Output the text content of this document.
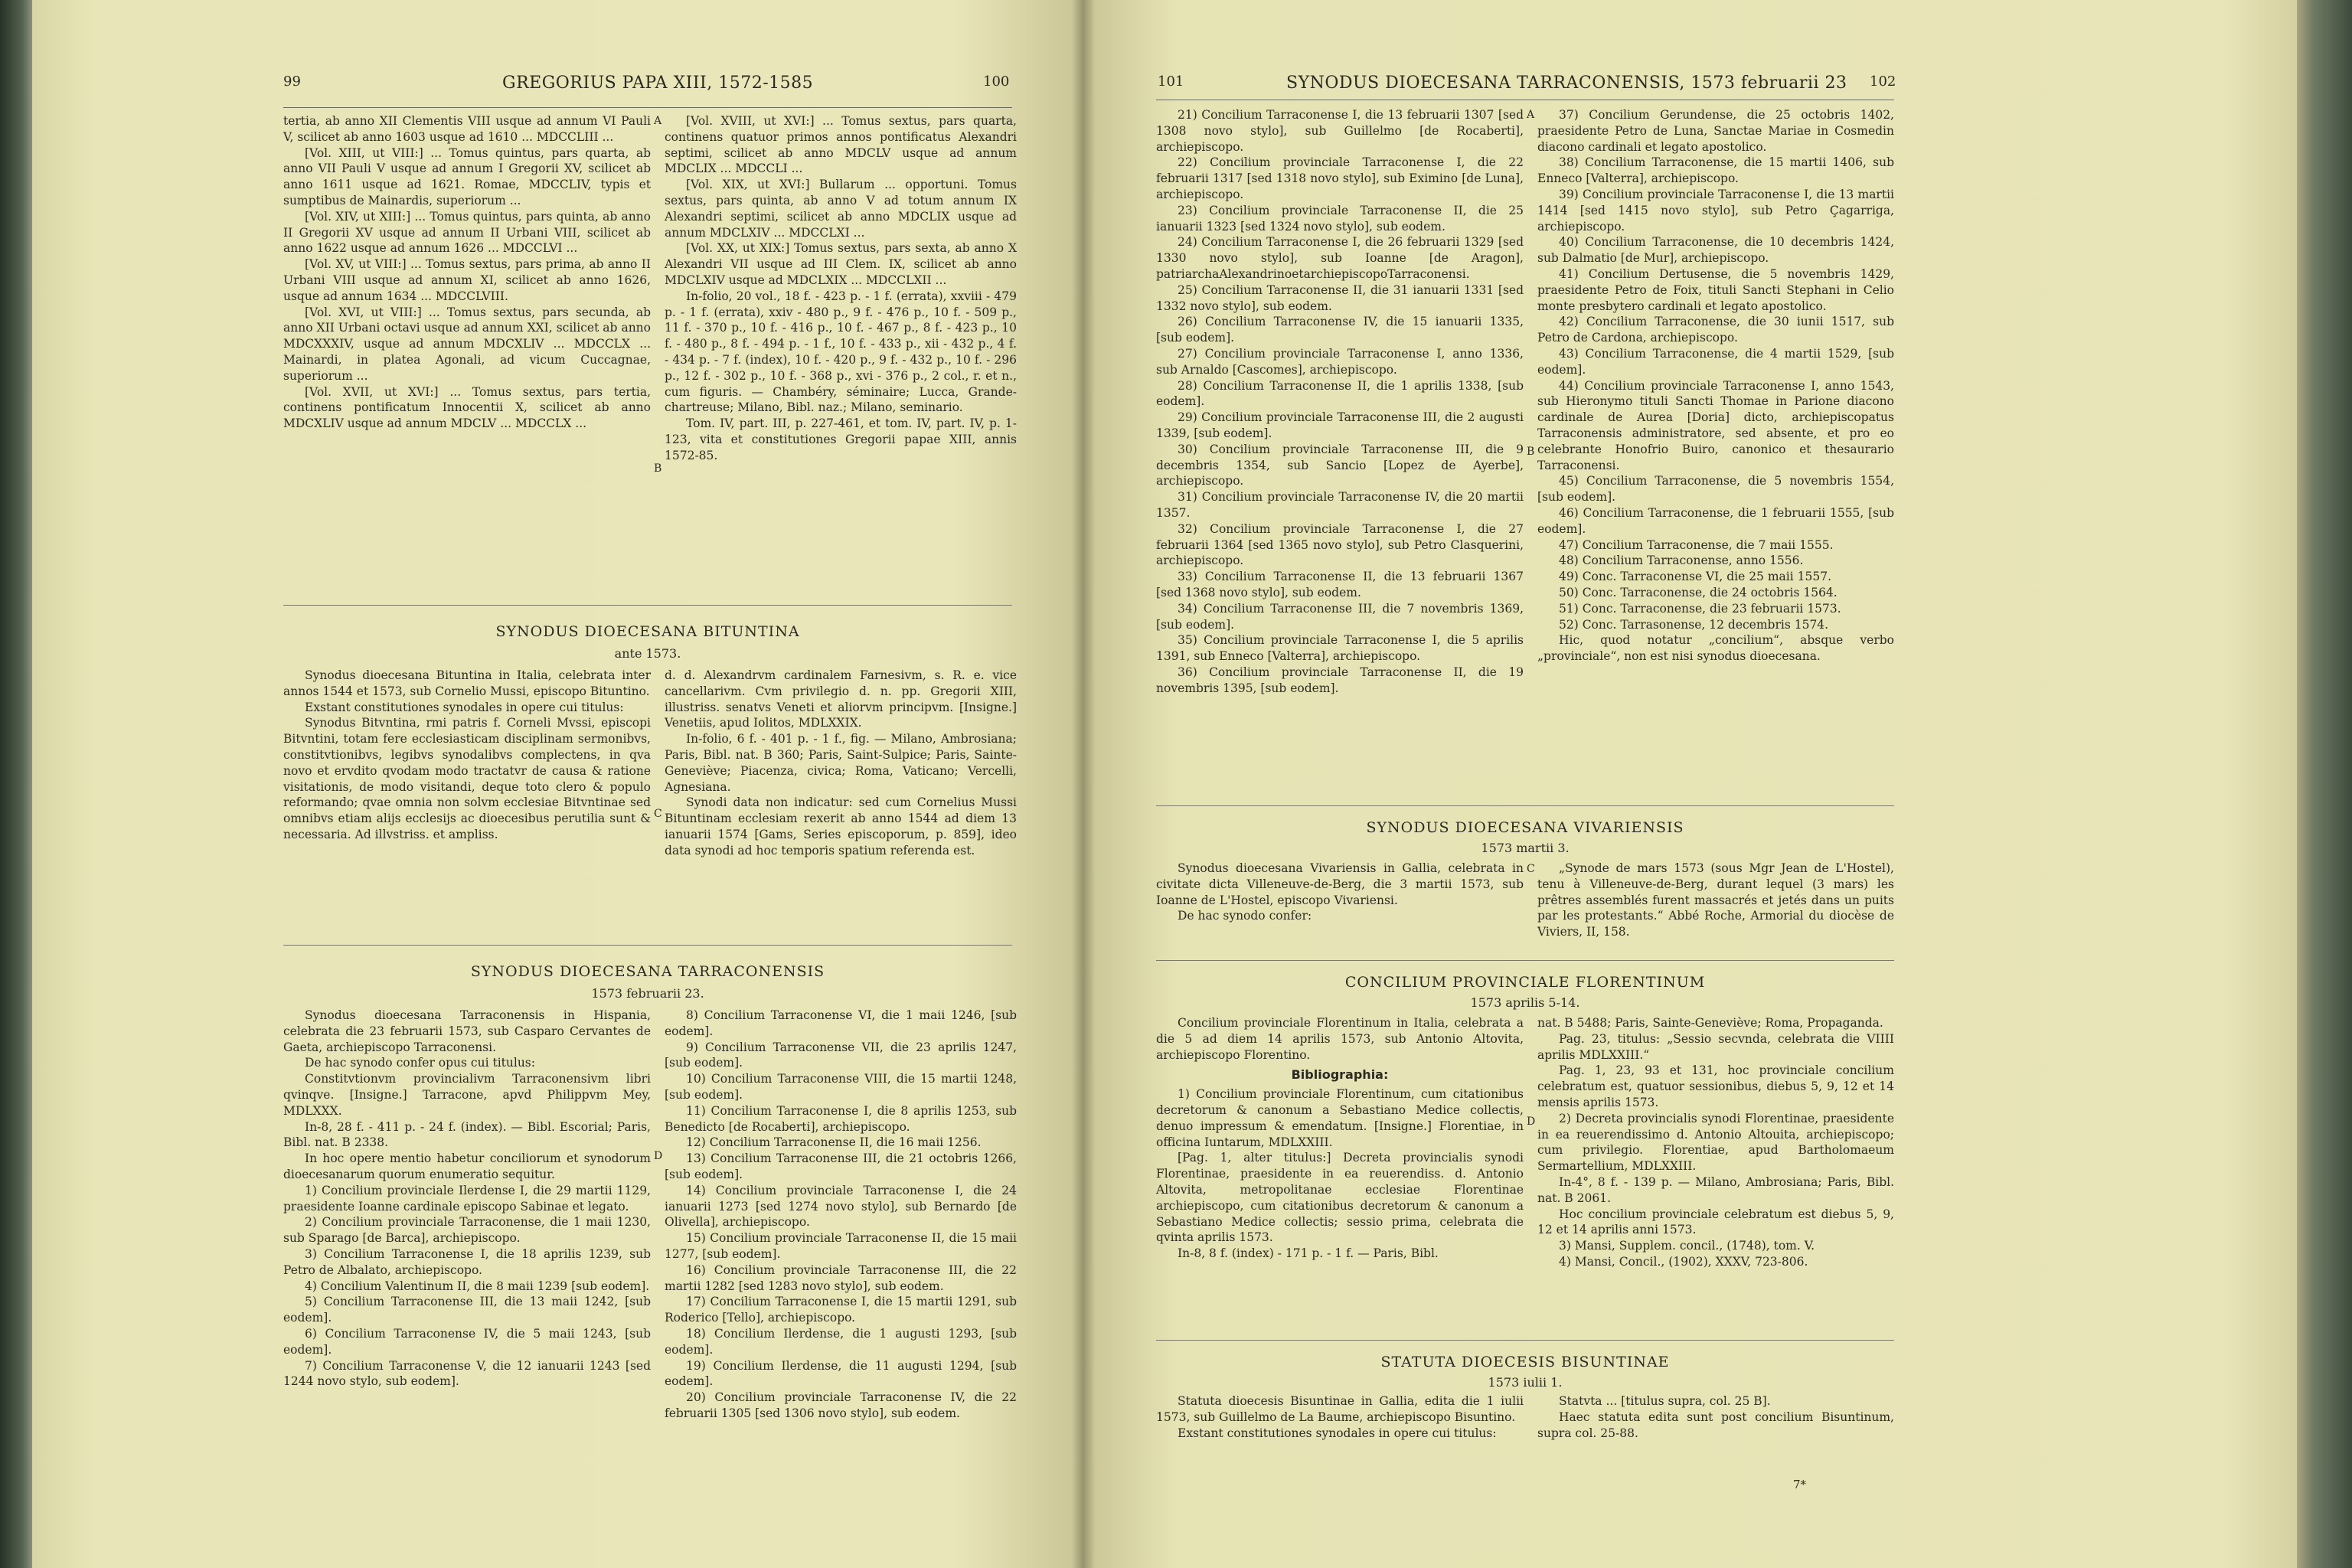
99	GREGORIUS PAPA XIII, 1572-1585	100

tertia, ab anno XII Clementis VIII usque ad annum VI Pauli V, scilicet ab anno 1603 usque ad 1610 ... MDCCLIII ...

[Vol. XIII, ut VIII:] ... Tomus quintus, pars quarta, ab anno VII Pauli V usque ad annum I Gregorii XV, scilicet ab anno 1611 usque ad 1621. Romae, MDCCLIV, typis et sumptibus de Mainardis, superiorum ...

[Vol. XIV, ut XIII:] ... Tomus quintus, pars quinta, ab anno II Gregorii XV usque ad annum II Urbani VIII, scilicet ab anno 1622 usque ad annum 1626 ... MDCCLVI ...

[Vol. XV, ut VIII:] ... Tomus sextus, pars prima, ab anno II Urbani VIII usque ad annum XI, scilicet ab anno 1626, usque ad annum 1634 ... MDCCLVIII.

[Vol. XVI, ut VIII:] ... Tomus sextus, pars secunda, ab anno XII Urbani octavi usque ad annum XXI, scilicet ab anno MDCXXXIV, usque ad annum MDCXLIV ... MDCCLX ... Mainardi, in platea Agonali, ad vicum Cuccagnae, superiorum ...

[Vol. XVII, ut XVI:] ... Tomus sextus, pars tertia, continens pontificatum Innocentii X, scilicet ab anno MDCXLIV usque ad annum MDCLV ... MDCCLX ...

[Vol. XVIII, ut XVI:] ... Tomus sextus, pars quarta, continens quatuor primos annos pontificatus Alexandri septimi, scilicet ab anno MDCLV usque ad annum MDCLIX ... MDCCLI ...

[Vol. XIX, ut XVI:] Bullarum ... opportuni. Tomus sextus, pars quinta, ab anno V ad totum annum IX Alexandri septimi, scilicet ab anno MDCLIX usque ad annum MDCLXIV ... MDCCLXI ...

[Vol. XX, ut XIX:] Tomus sextus, pars sexta, ab anno X Alexandri VII usque ad III Clem. IX, scilicet ab anno MDCLXIV usque ad MDCLXIX ... MDCCLXII ...

In-folio, 20 vol., 18 f. - 423 p. - 1 f. (errata), xxviii - 479 p. - 1 f. (errata), xxiv - 480 p., 9 f. - 476 p., 10 f. - 509 p., 11 f. - 370 p., 10 f. - 416 p., 10 f. - 467 p., 8 f. - 423 p., 10 f. - 480 p., 8 f. - 494 p. - 1 f., 10 f. - 433 p., xii - 432 p., 4 f. - 434 p. - 7 f. (index), 10 f. - 420 p., 9 f. - 432 p., 10 f. - 296 p., 12 f. - 302 p., 10 f. - 368 p., xvi - 376 p., 2 col., r. et n., cum figuris. — Chambéry, séminaire; Lucca, Grande-chartreuse; Milano, Bibl. naz.; Milano, seminario.

Tom. IV, part. III, p. 227-461, et tom. IV, part. IV, p. 1-123, vita et constitutiones Gregorii papae XIII, annis 1572-85.

A
B
C
D
SYNODUS DIOECESANA BITUNTINA
ante 1573.

Synodus dioecesana Bituntina in Italia, celebrata inter annos 1544 et 1573, sub Cornelio Mussi, episcopo Bituntino.

Exstant constitutiones synodales in opere cui titulus:

Synodus Bitvntina, rmi patris f. Corneli Mvssi, episcopi Bitvntini, totam fere ecclesiasticam disciplinam sermonibvs, constitvtionibvs, legibvs synodalibvs complectens, in qva novo et ervdito qvodam modo tractatvr de causa & ratione visitationis, de modo visitandi, deque toto clero & populo reformando; qvae omnia non solvm ecclesiae Bitvntinae sed omnibvs etiam alijs ecclesijs ac dioecesibus perutilia sunt & necessaria. Ad illvstriss. et ampliss.

d. d. Alexandrvm cardinalem Farnesivm, s. R. e. vice cancellarivm. Cvm privilegio d. n. pp. Gregorii XIII, illustriss. senatvs Veneti et aliorvm principvm. [Insigne.] Venetiis, apud Iolitos, MDLXXIX.

In-folio, 6 f. - 401 p. - 1 f., fig. — Milano, Ambrosiana; Paris, Bibl. nat. B 360; Paris, Saint-Sulpice; Paris, Sainte-Geneviève; Piacenza, civica; Roma, Vaticano; Vercelli, Agnesiana.

Synodi data non indicatur: sed cum Cornelius Mussi Bituntinam ecclesiam rexerit ab anno 1544 ad diem 13 ianuarii 1574 [Gams, Series episcoporum, p. 859], ideo data synodi ad hoc temporis spatium referenda est.

SYNODUS DIOECESANA TARRACONENSIS
1573 februarii 23.

Synodus dioecesana Tarraconensis in Hispania, celebrata die 23 februarii 1573, sub Casparo Cervantes de Gaeta, archiepiscopo Tarraconensi.

De hac synodo confer opus cui titulus:

Constitvtionvm provincialivm Tarraconensivm libri qvinqve. [Insigne.] Tarracone, apvd Philippvm Mey, MDLXXX.

In-8, 28 f. - 411 p. - 24 f. (index). — Bibl. Escorial; Paris, Bibl. nat. B 2338.

In hoc opere mentio habetur conciliorum et synodorum dioecesanarum quorum enumeratio sequitur.

1) Concilium provinciale Ilerdense I, die 29 martii 1129, praesidente Ioanne cardinale episcopo Sabinae et legato.

2) Concilium provinciale Tarraconense, die 1 maii 1230, sub Sparago [de Barca], archiepiscopo.

3) Concilium Tarraconense I, die 18 aprilis 1239, sub Petro de Albalato, archiepiscopo.

4) Concilium Valentinum II, die 8 maii 1239 [sub eodem].

5) Concilium Tarraconense III, die 13 maii 1242, [sub eodem].

6) Concilium Tarraconense IV, die 5 maii 1243, [sub eodem].

7) Concilium Tarraconense V, die 12 ianuarii 1243 [sed 1244 novo stylo, sub eodem].

8) Concilium Tarraconense VI, die 1 maii 1246, [sub eodem].

9) Concilium Tarraconense VII, die 23 aprilis 1247, [sub eodem].

10) Concilium Tarraconense VIII, die 15 martii 1248, [sub eodem].

11) Concilium Tarraconense I, die 8 aprilis 1253, sub Benedicto [de Rocaberti], archiepiscopo.

12) Concilium Tarraconense II, die 16 maii 1256.

13) Concilium Tarraconense III, die 21 octobris 1266, [sub eodem].

14) Concilium provinciale Tarraconense I, die 24 ianuarii 1273 [sed 1274 novo stylo], sub Bernardo [de Olivella], archiepiscopo.

15) Concilium provinciale Tarraconense II, die 15 maii 1277, [sub eodem].

16) Concilium provinciale Tarraconense III, die 22 martii 1282 [sed 1283 novo stylo], sub eodem.

17) Concilium Tarraconense I, die 15 martii 1291, sub Roderico [Tello], archiepiscopo.

18) Concilium Ilerdense, die 1 augusti 1293, [sub eodem].

19) Concilium Ilerdense, die 11 augusti 1294, [sub eodem].

20) Concilium provinciale Tarraconense IV, die 22 februarii 1305 [sed 1306 novo stylo], sub eodem.

101	SYNODUS DIOECESANA TARRACONENSIS, 1573 februarii 23 102

21) Concilium Tarraconense I, die 13 februarii 1307 [sed 1308 novo stylo], sub Guillelmo [de Rocaberti], archiepiscopo.

22) Concilium provinciale Tarraconense I, die 22 februarii 1317 [sed 1318 novo stylo], sub Eximino [de Luna], archiepiscopo.

23) Concilium provinciale Tarraconense II, die 25 ianuarii 1323 [sed 1324 novo stylo], sub eodem.

24) Concilium Tarraconense I, die 26 februarii 1329 [sed 1330 novo stylo], sub Ioanne [de Aragon], patriarchaAlexandrinoetarchiepiscopoTarraconensi.

25) Concilium Tarraconense II, die 31 ianuarii 1331 [sed 1332 novo stylo], sub eodem.

26) Concilium Tarraconense IV, die 15 ianuarii 1335, [sub eodem].

27) Concilium provinciale Tarraconense I, anno 1336, sub Arnaldo [Cascomes], archiepiscopo.

28) Concilium Tarraconense II, die 1 aprilis 1338, [sub eodem].

29) Concilium provinciale Tarraconense III, die 2 augusti 1339, [sub eodem].

30) Concilium provinciale Tarraconense III, die 9 decembris 1354, sub Sancio [Lopez de Ayerbe], archiepiscopo.

31) Concilium provinciale Tarraconense IV, die 20 martii 1357.

32) Concilium provinciale Tarraconense I, die 27 februarii 1364 [sed 1365 novo stylo], sub Petro Clasquerini, archiepiscopo.

33) Concilium Tarraconense II, die 13 februarii 1367 [sed 1368 novo stylo], sub eodem.

34) Concilium Tarraconense III, die 7 novembris 1369, [sub eodem].

35) Concilium provinciale Tarraconense I, die 5 aprilis 1391, sub Enneco [Valterra], archiepiscopo.

36) Concilium provinciale Tarraconense II, die 19 novembris 1395, [sub eodem].

37) Concilium Gerundense, die 25 octobris 1402, praesidente Petro de Luna, Sanctae Mariae in Cosmedin diacono cardinali et legato apostolico.

38) Concilium Tarraconense, die 15 martii 1406, sub Enneco [Valterra], archiepiscopo.

39) Concilium provinciale Tarraconense I, die 13 martii 1414 [sed 1415 novo stylo], sub Petro Çagarriga, archiepiscopo.

40) Concilium Tarraconense, die 10 decembris 1424, sub Dalmatio [de Mur], archiepiscopo.

41) Concilium Dertusense, die 5 novembris 1429, praesidente Petro de Foix, tituli Sancti Stephani in Celio monte presbytero cardinali et legato apostolico.

42) Concilium Tarraconense, die 30 iunii 1517, sub Petro de Cardona, archiepiscopo.

43) Concilium Tarraconense, die 4 martii 1529, [sub eodem].

44) Concilium provinciale Tarraconense I, anno 1543, sub Hieronymo tituli Sancti Thomae in Parione diacono cardinale de Aurea [Doria] dicto, archiepiscopatus Tarraconensis administratore, sed absente, et pro eo celebrante Honofrio Buiro, canonico et thesaurario Tarraconensi.

45) Concilium Tarraconense, die 5 novembris 1554, [sub eodem].

46) Concilium Tarraconense, die 1 februarii 1555, [sub eodem].

47) Concilium Tarraconense, die 7 maii 1555.

48) Concilium Tarraconense, anno 1556.

49) Conc. Tarraconense VI, die 25 maii 1557.

50) Conc. Tarraconense, die 24 octobris 1564.

51) Conc. Tarraconense, die 23 februarii 1573.

52) Conc. Tarrasonense, 12 decembris 1574.

Hic, quod notatur „concilium“, absque verbo „provinciale“, non est nisi synodus dioecesana.

A
B
C
D
SYNODUS DIOECESANA VIVARIENSIS
1573 martii 3.

Synodus dioecesana Vivariensis in Gallia, celebrata in civitate dicta Villeneuve-de-Berg, die 3 martii 1573, sub Ioanne de L'Hostel, episcopo Vivariensi.

De hac synodo confer:

„Synode de mars 1573 (sous Mgr Jean de L'Hostel), tenu à Villeneuve-de-Berg, durant lequel (3 mars) les prêtres assemblés furent massacrés et jetés dans un puits par les protestants.“ Abbé Roche, Armorial du diocèse de Viviers, II, 158.

CONCILIUM PROVINCIALE FLORENTINUM
1573 aprilis 5-14.

Concilium provinciale Florentinum in Italia, celebrata a die 5 ad diem 14 aprilis 1573, sub Antonio Altovita, archiepiscopo Florentino.

Bibliographia:

1) Concilium provinciale Florentinum, cum citationibus decretorum & canonum a Sebastiano Medice collectis, denuo impressum & emendatum. [Insigne.] Florentiae, in officina Iuntarum, MDLXXIII.

[Pag. 1, alter titulus:] Decreta provincialis synodi Florentinae, praesidente in ea reuerendiss. d. Antonio Altovita, metropolitanae ecclesiae Florentinae archiepiscopo, cum citationibus decretorum & canonum a Sebastiano Medice collectis; sessio prima, celebrata die qvinta aprilis 1573.

In-8, 8 f. (index) - 171 p. - 1 f. — Paris, Bibl.

nat. B 5488; Paris, Sainte-Geneviève; Roma, Propaganda.

Pag. 23, titulus: „Sessio secvnda, celebrata die VIIII aprilis MDLXXIII.“

Pag. 1, 23, 93 et 131, hoc provinciale concilium celebratum est, quatuor sessionibus, diebus 5, 9, 12 et 14 mensis aprilis 1573.

2) Decreta provincialis synodi Florentinae, praesidente in ea reuerendissimo d. Antonio Altouita, archiepiscopo; cum privilegio. Florentiae, apud Bartholomaeum Sermartellium, MDLXXIII.

In-4°, 8 f. - 139 p. — Milano, Ambrosiana; Paris, Bibl. nat. B 2061.

Hoc concilium provinciale celebratum est diebus 5, 9, 12 et 14 aprilis anni 1573.

3) Mansi, Supplem. concil., (1748), tom. V.

4) Mansi, Concil., (1902), XXXV, 723-806.

STATUTA DIOECESIS BISUNTINAE
1573 iulii 1.

Statuta dioecesis Bisuntinae in Gallia, edita die 1 iulii 1573, sub Guillelmo de La Baume, archiepiscopo Bisuntino.

Exstant constitutiones synodales in opere cui titulus:

Statvta ... [titulus supra, col. 25 B].

Haec statuta edita sunt post concilium Bisuntinum, supra col. 25-88.

7*
